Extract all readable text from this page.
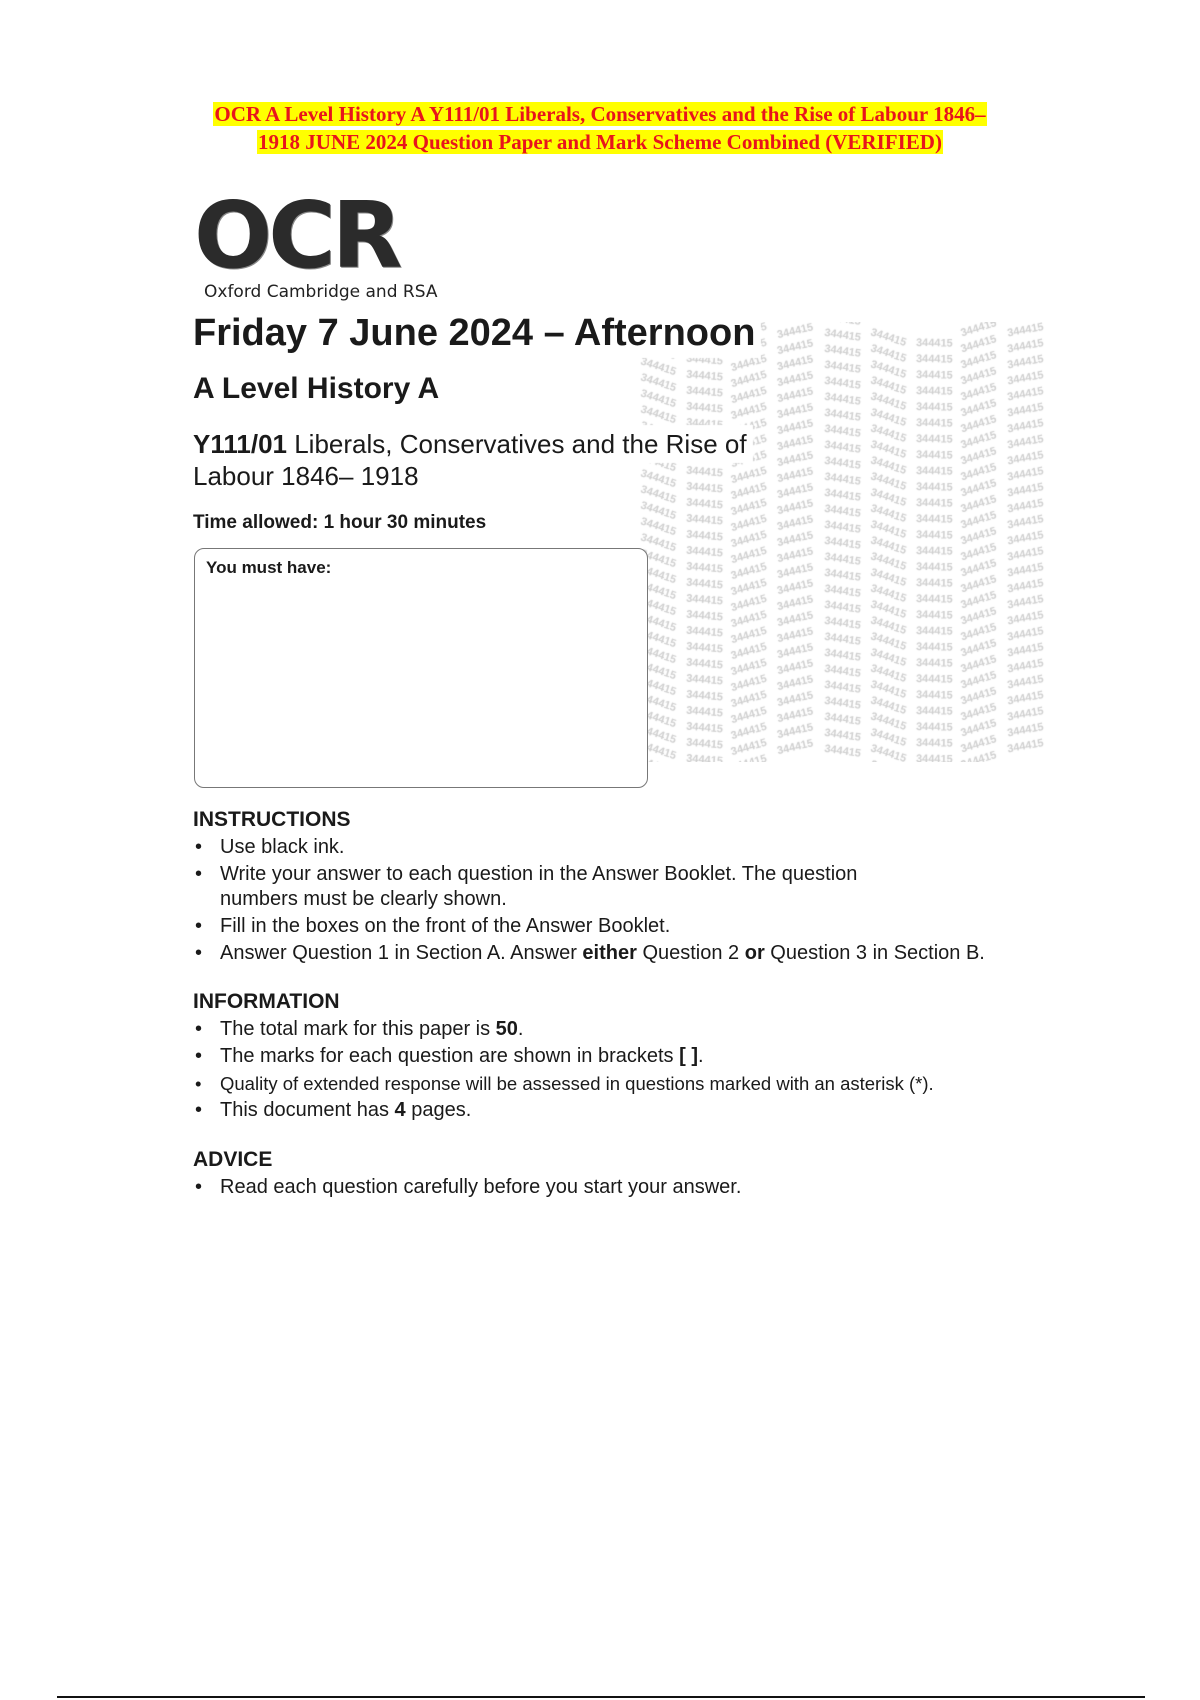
OCR A Level History A Y111/01 Liberals, Conservatives and the Rise of Labour 1846–
1918 JUNE 2024 Question Paper and Mark Scheme Combined (VERIFIED)
OCR
Oxford Cambridge and RSA
Friday 7 June 2024 – Afternoon
A Level History A
Y111/01 Liberals, Conservatives and the Rise of
Labour 1846– 1918
Time allowed: 1 hour 30 minutes
You must have:
INSTRUCTIONS
• Use black ink.
• Write your answer to each question in the Answer Booklet. The question numbers must be clearly shown.
• Fill in the boxes on the front of the Answer Booklet.
• Answer Question 1 in Section A. Answer either Question 2 or Question 3 in Section B.
INFORMATION
• The total mark for this paper is 50.
• The marks for each question are shown in brackets [ ].
• Quality of extended response will be assessed in questions marked with an asterisk (*).
• This document has 4 pages.
ADVICE
• Read each question carefully before you start your answer.
